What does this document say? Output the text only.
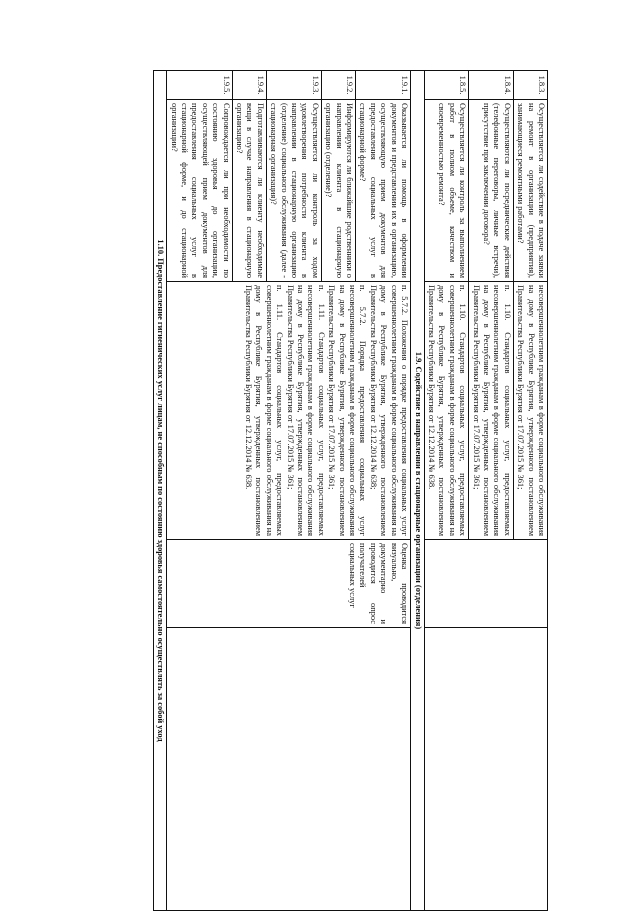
1.8.3.	Осуществляется ли содействие в подаче заявки на ремонт в организации (предприятия), занимающиеся ремонтными работами?	несовершеннолетним гражданам в форме социального обслуживания на дому в Республике Бурятия, утвержденного постановлением Правительства Республики Бурятия от 17.07.2015 № 361;		
1.8.4.	Осуществляются ли посреднические действия (телефонные переговоры, личные встречи), присутствие при заключении договора?	п. 1.10. Стандартов социальных услуг, предоставляемых несовершеннолетним гражданам в форме социального обслуживания на дому в Республике Бурятия, утвержденных постановлением Правительства Республики Бурятия от 17.07.2015 № 361;		
1.8.5.	Осуществляется ли контроль за выполнением работ в полном объеме, качеством и своевременностью ремонта?	п. 1.10. Стандартов социальных услуг, предоставляемых совершеннолетним гражданам в форме социального обслуживания на дому в Республике Бурятия, утвержденных постановлением Правительства Республики Бурятия от 12.12.2014 № 638.		
1.9. Содействие в направлении в стационарные организации (отделения)				
1.9.1.	Оказывается ли помощь в оформлении документов и представлении их в организацию, осуществляющую прием документов для предоставления социальных услуг в стационарной форме?	п. 5.7.2. Положения о порядке предоставления социальных услуг совершеннолетним гражданам в форме социального обслуживания на дому в Республике Бурятия, утвержденного постановлением Правительства Республики Бурятия от 12.12.2014 № 638;
п. 5.7.2. Порядка предоставления социальных услуг несовершеннолетним гражданам в форме социального обслуживания на дому в Республике Бурятия, утвержденного постановлением Правительства Республики Бурятия от 17.07.2015 № 361;
п. 1.11. Стандартов социальных услуг, предоставляемых несовершеннолетним гражданам в форме социального обслуживания на дому в Республике Бурятия, утвержденных постановлением Правительства Республики Бурятия от 17.07.2015 № 361;
п. 1.11. Стандартов социальных услуг, предоставляемых совершеннолетним гражданам в форме социального обслуживания на дому в Республике Бурятия, утвержденных постановлением Правительства Республики Бурятия от 12.12.2014 № 638.	Оценка проводится визуально, документарно и проводится опрос получателей социальных услуг	
1.9.2.	Информируются ли ближайшие родственники о направлении клиента в стационарную организацию (отделение)?			
1.9.3.	Осуществляется ли контроль за ходом удовлетворения потребности клиента в направлении в стационарную организацию (отделение) социального обслуживания (далее - стационарная организация)?			
1.9.4.	Подготавливаются ли клиенту необходимые вещи в случае направления в стационарную организацию?			
1.9.5.	Сопровождается ли при необходимости по состоянию здоровья до организации, осуществляющей прием документов для предоставления социальных услуг в стационарной форме, и до стационарной организации?			
1.10. Предоставление гигиенических услуг лицам, не способным по состоянию здоровья самостоятельно осуществлять за собой уход				
